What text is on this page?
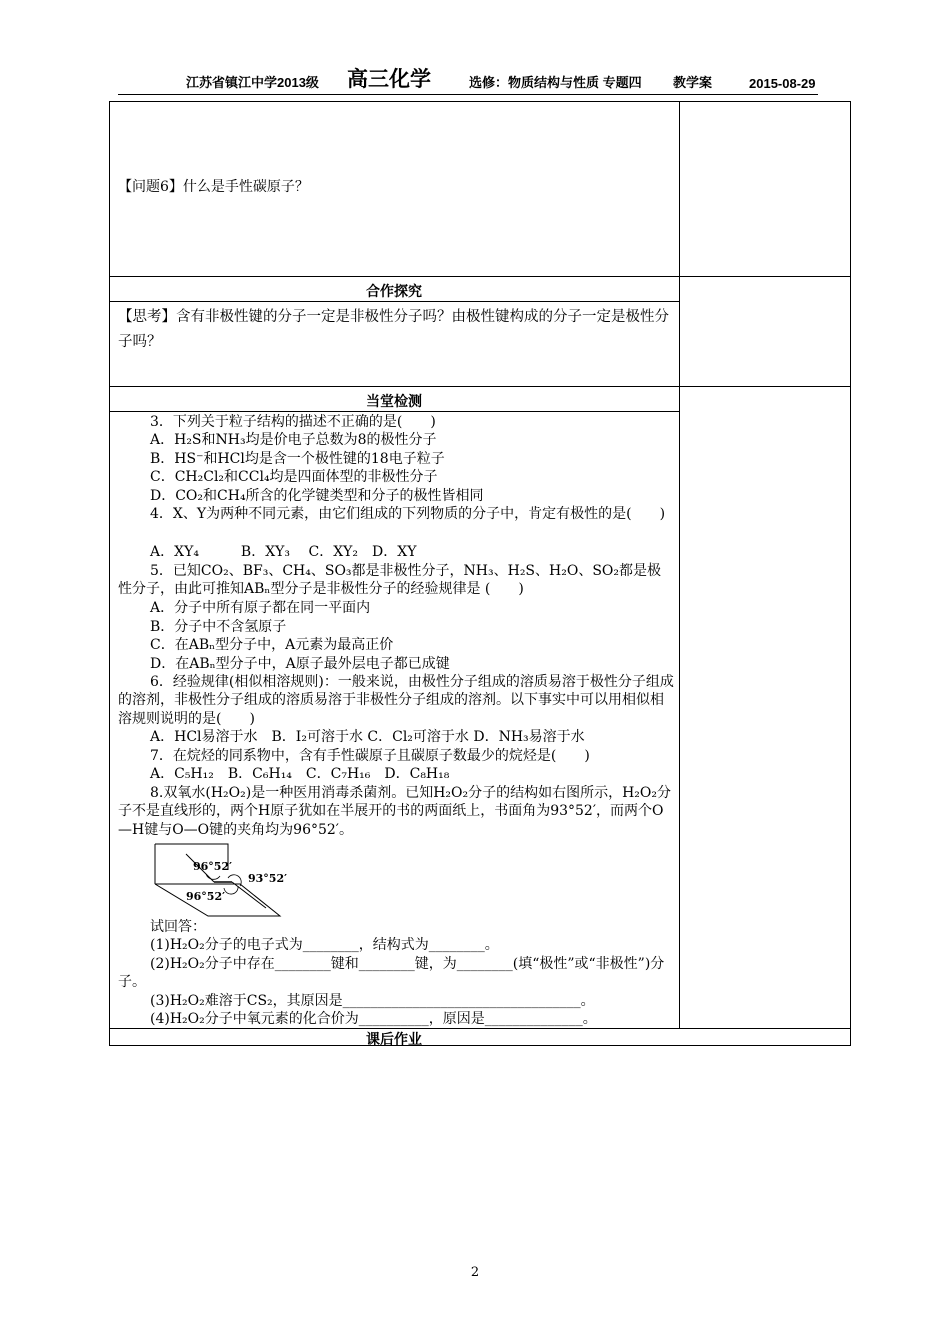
江苏省镇江中学2013级 高三化学	选修：物质结构与性质 专题四 教学案	2015-08-29
【问题6】什么是手性碳原子？
合作探究
【思考】含有非极性键的分子一定是非极性分子吗？由极性键构成的分子一定是极性分子吗？
当堂检测
3．下列关于粒子结构的描述不正确的是(　　)
A．H₂S和NH₃均是价电子总数为8的极性分子
B．HS⁻和HCl均是含一个极性键的18电子粒子
C．CH₂Cl₂和CCl₄均是四面体型的非极性分子
D．CO₂和CH₄所含的化学键类型和分子的极性皆相同
4．X、Y为两种不同元素，由它们组成的下列物质的分子中，肯定有极性的是(　　)
A．XY₄　　　B．XY₃　 C．XY₂　D．XY
5．已知CO₂、BF₃、CH₄、SO₃都是非极性分子，NH₃、H₂S、H₂O、SO₂都是极性分子，由此可推知ABₙ型分子是非极性分子的经验规律是 (　　)
A．分子中所有原子都在同一平面内
B．分子中不含氢原子
C．在ABₙ型分子中，A元素为最高正价
D．在ABₙ型分子中，A原子最外层电子都已成键
6．经验规律(相似相溶规则)：一般来说，由极性分子组成的溶质易溶于极性分子组成的溶剂，非极性分子组成的溶质易溶于非极性分子组成的溶剂。以下事实中可以用相似相溶规则说明的是(　　)
A．HCl易溶于水　B．I₂可溶于水 C．Cl₂可溶于水 D．NH₃易溶于水
7．在烷烃的同系物中，含有手性碳原子且碳原子数最少的烷烃是(　　)
A．C₅H₁₂　B．C₆H₁₄　C．C₇H₁₆　D．C₈H₁₈
8.双氧水(H₂O₂)是一种医用消毒杀菌剂。已知H₂O₂分子的结构如右图所示，H₂O₂分子不是直线形的，两个H原子犹如在半展开的书的两面纸上，书面角为93°52′，而两个O—H键与O—O键的夹角均为96°52′。
96°52′
93°52′
96°52′
试回答：
(1)H₂O₂分子的电子式为________，结构式为________。
(2)H₂O₂分子中存在________键和________键，为________(填“极性”或“非极性”)分子。
(3)H₂O₂难溶于CS₂，其原因是__________________________________。
(4)H₂O₂分子中氧元素的化合价为__________，原因是______________。
课后作业
2
